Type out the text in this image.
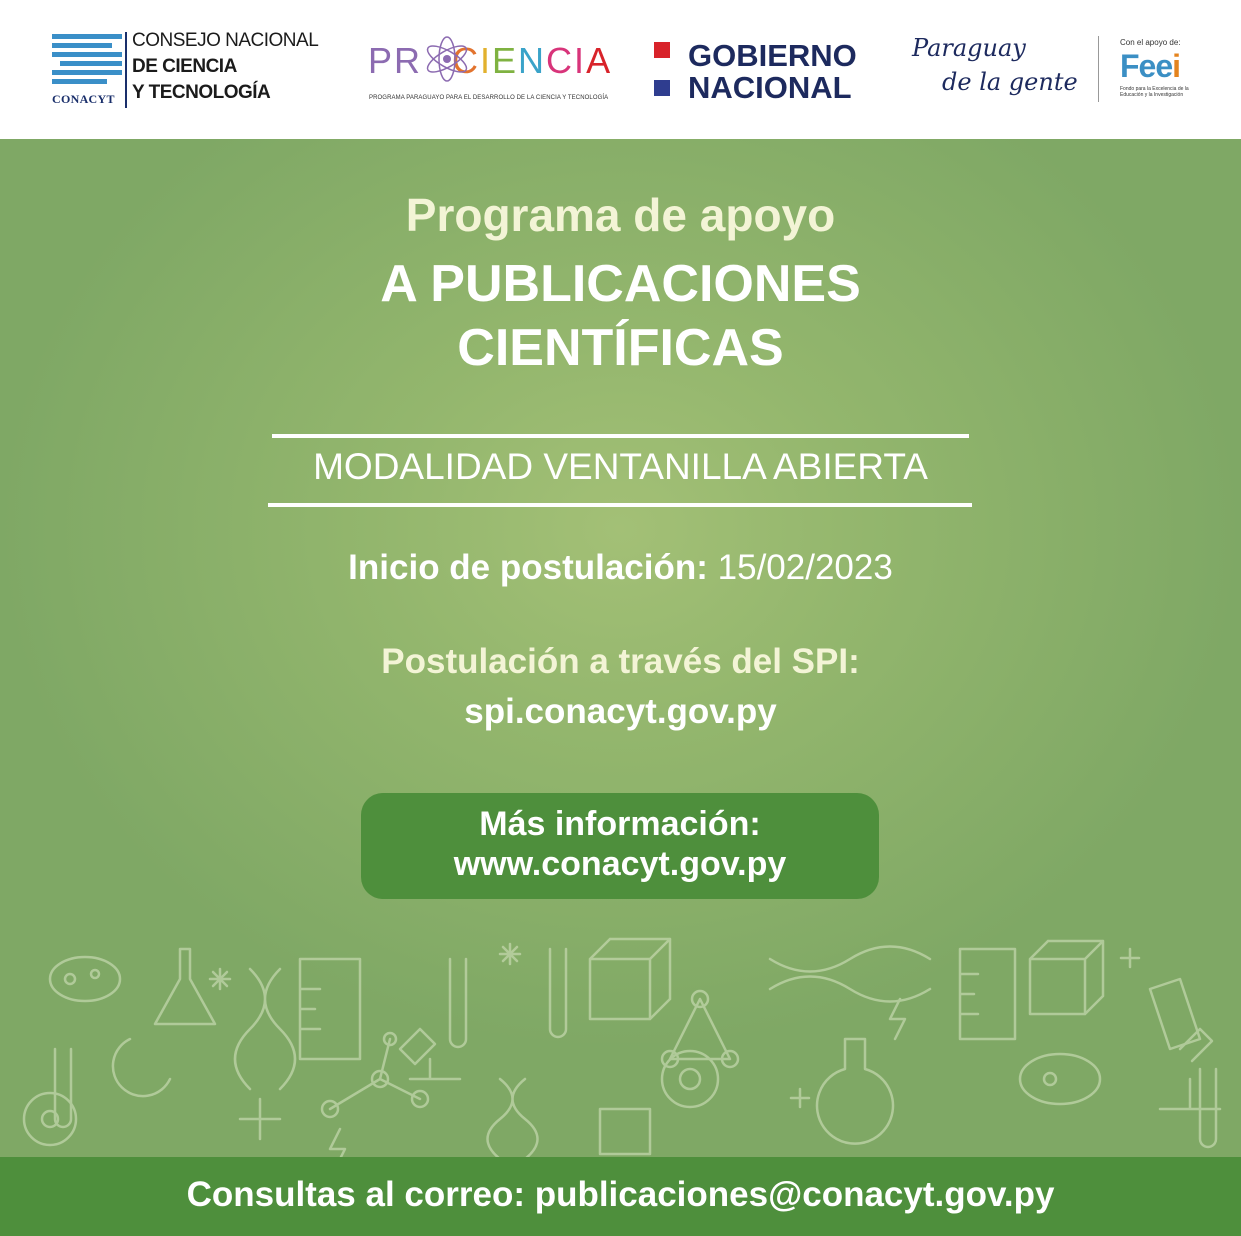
CONACYT
CONSEJO NACIONAL
DE CIENCIA
Y TECNOLOGÍA
PR CIENCIA
PROGRAMA PARAGUAYO PARA EL DESARROLLO DE LA CIENCIA Y TECNOLOGÍA
GOBIERNO
NACIONAL
Paraguay
de la gente
Con el apoyo de:
Feei
Fondo para la Excelencia de la Educación y la Investigación
Programa de apoyo
A PUBLICACIONES
CIENTÍFICAS
MODALIDAD VENTANILLA ABIERTA
Inicio de postulación: 15/02/2023
Postulación a través del SPI:
spi.conacyt.gov.py
Más información:
www.conacyt.gov.py
Consultas al correo: publicaciones@conacyt.gov.py
